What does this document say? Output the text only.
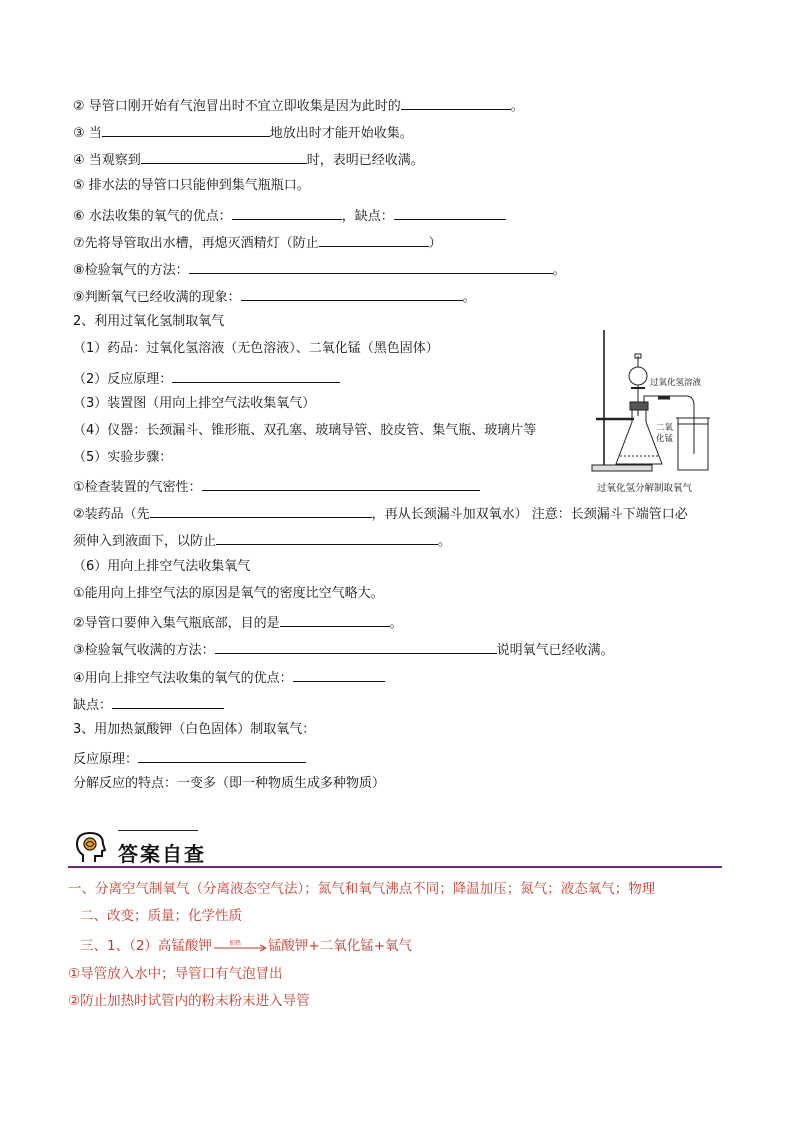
② 导管口刚开始有气泡冒出时不宜立即收集是因为此时的	。
③ 当	地放出时才能开始收集。
④ 当观察到	时，表明已经收满。
⑤ 排水法的导管口只能伸到集气瓶瓶口。
⑥ 水法收集的氧气的优点：	，缺点：
⑦先将导管取出水槽，再熄灭酒精灯（防止	）
⑧检验氧气的方法：	。
⑨判断氧气已经收满的现象：	。
2、利用过氧化氢制取氧气
（1）药品：过氧化氢溶液（无色溶液）、二氧化锰（黑色固体）
（2）反应原理：
（3）装置图（用向上排空气法收集氧气）
（4）仪器：长颈漏斗、锥形瓶、双孔塞、玻璃导管、胶皮管、集气瓶、玻璃片等
（5）实验步骤：
①检查装置的气密性：
②装药品（先	，再从长颈漏斗加双氧水） 注意：长颈漏斗下端管口必
须伸入到液面下，以防止	。
（6）用向上排空气法收集氧气
①能用向上排空气法的原因是氧气的密度比空气略大。
②导管口要伸入集气瓶底部，目的是	。
③检验氧气收满的方法：	说明氧气已经收满。
④用向上排空气法收集的氧气的优点：
缺点：
3、用加热氯酸钾（白色固体）制取氧气：
反应原理：
分解反应的特点：一变多（即一种物质生成多种物质）
过氧化氢溶液
二氧
化锰
过氧化氢分解制取氧气
答案自查
一、分离空气制氧气（分离液态空气法）；氮气和氧气沸点不同；降温加压；氮气；液态氧气；物理
二、改变；质量；化学性质
三、1、（2）高锰酸钾	加热 锰酸钾+二氧化锰+氧气
①导管放入水中；导管口有气泡冒出
②防止加热时试管内的粉末粉末进入导管
